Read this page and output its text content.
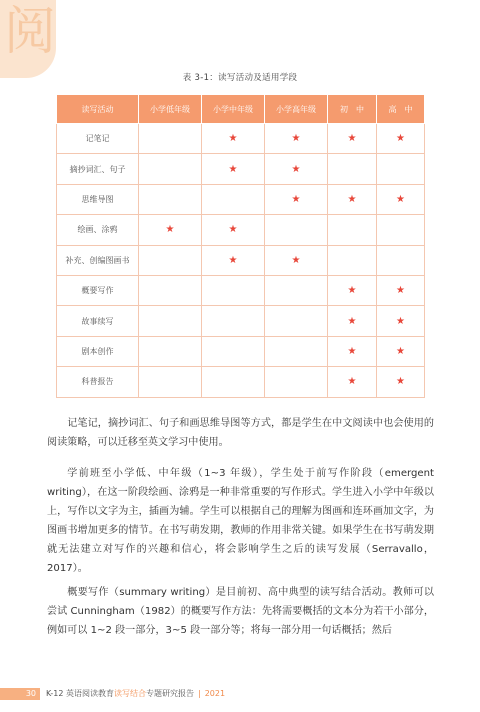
阅
表 3-1：读写活动及适用学段
读写活动	小学低年级	小学中年级	小学高年级	初　中	高　中
记笔记		★	★	★	★
摘抄词汇、句子		★	★		
思维导图			★	★	★
绘画、涂鸦	★	★			
补充、创编图画书		★	★		
概要写作				★	★
故事续写				★	★
剧本创作				★	★
科普报告				★	★

记笔记，摘抄词汇、句子和画思维导图等方式，都是学生在中文阅读中也会使用的阅读策略，可以迁移至英文学习中使用。

学前班至小学低、中年级（1~3 年级），学生处于前写作阶段（emergent writing），在这一阶段绘画、涂鸦是一种非常重要的写作形式。学生进入小学中年级以上，写作以文字为主，插画为辅。学生可以根据自己的理解为图画和连环画加文字，为图画书增加更多的情节。在书写萌发期，教师的作用非常关键。如果学生在书写萌发期就无法建立对写作的兴趣和信心，将会影响学生之后的读写发展（Serravallo，2017）。

概要写作（summary writing）是目前初、高中典型的读写结合活动。教师可以尝试 Cunningham（1982）的概要写作方法：先将需要概括的文本分为若干小部分，例如可以 1~2 段一部分，3~5 段一部分等；将每一部分用一句话概括；然后

30	K-12 英语阅读教育读写结合专题研究报告 | 2021
